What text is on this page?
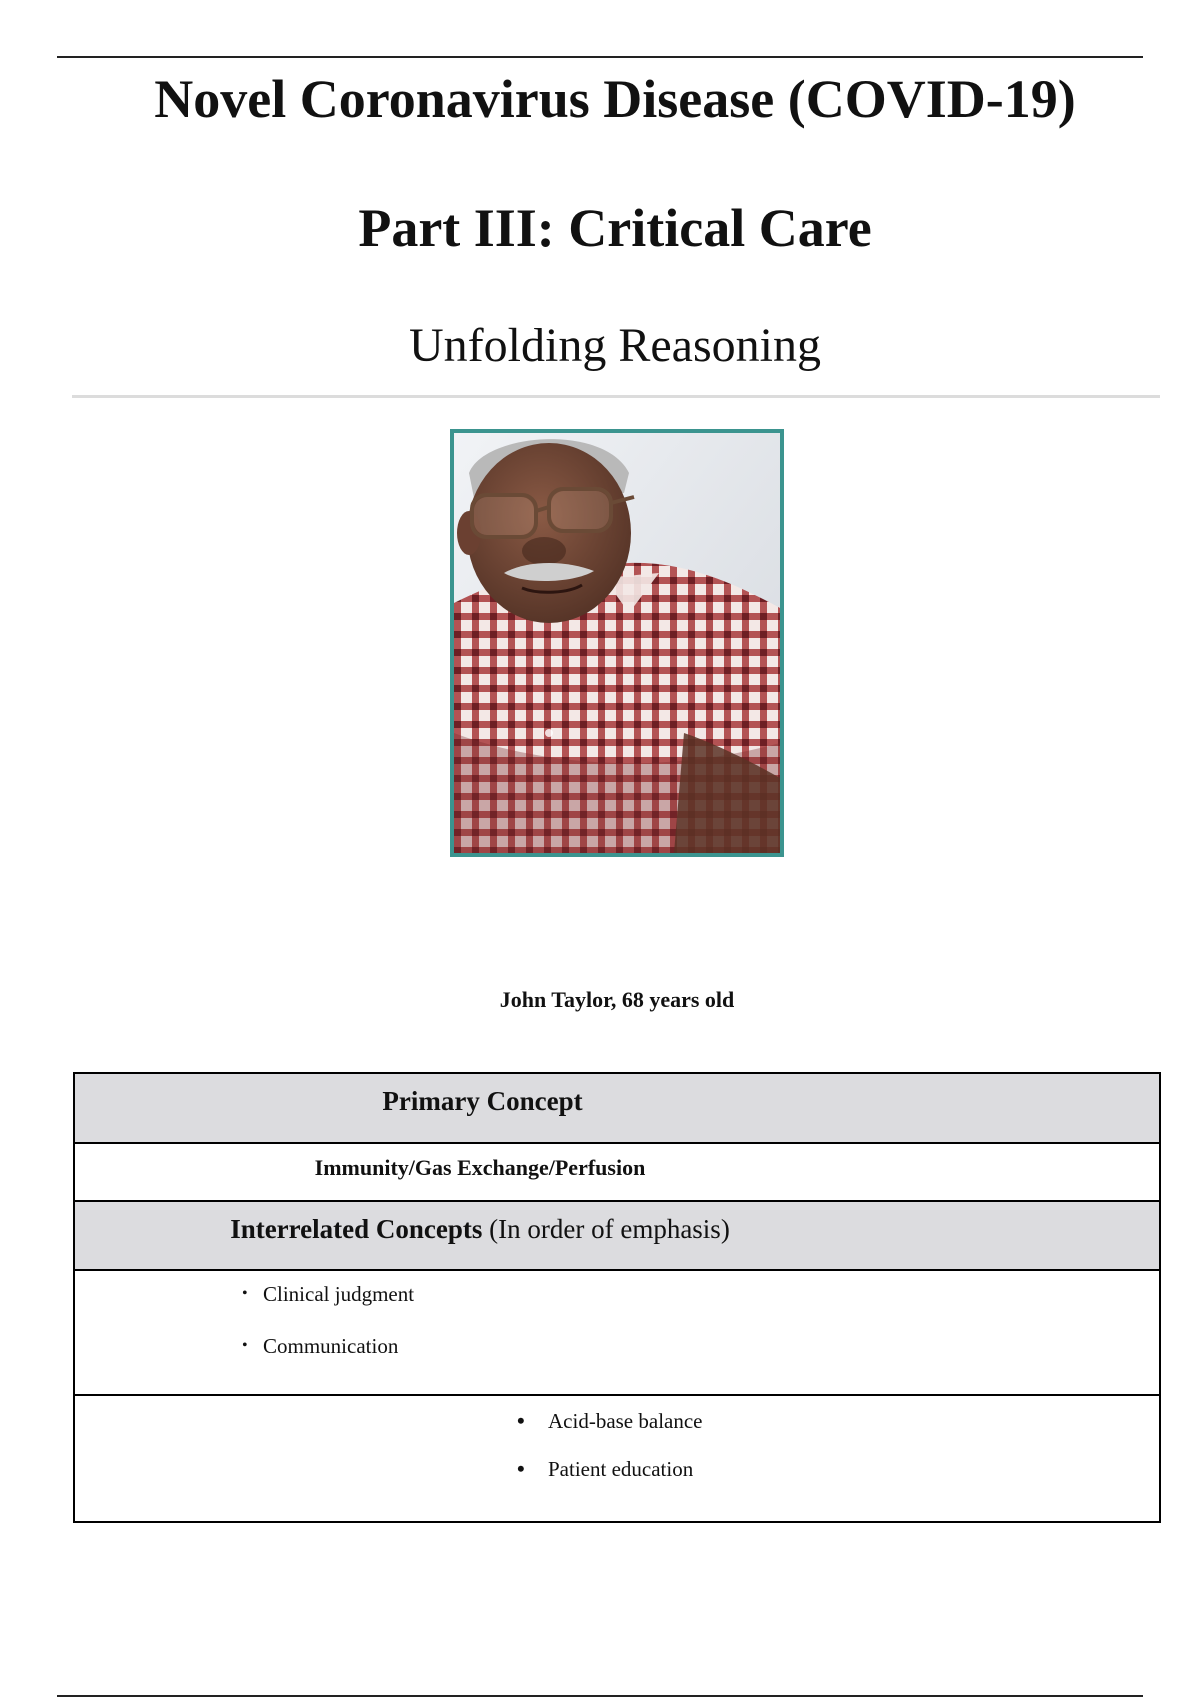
Novel Coronavirus Disease (COVID-19)
Part III: Critical Care
Unfolding Reasoning
John Taylor, 68 years old
Primary Concept
Immunity/Gas Exchange/Perfusion
Interrelated Concepts (In order of emphasis)
• Clinical judgment
• Communication
• Acid-base balance
• Patient education
